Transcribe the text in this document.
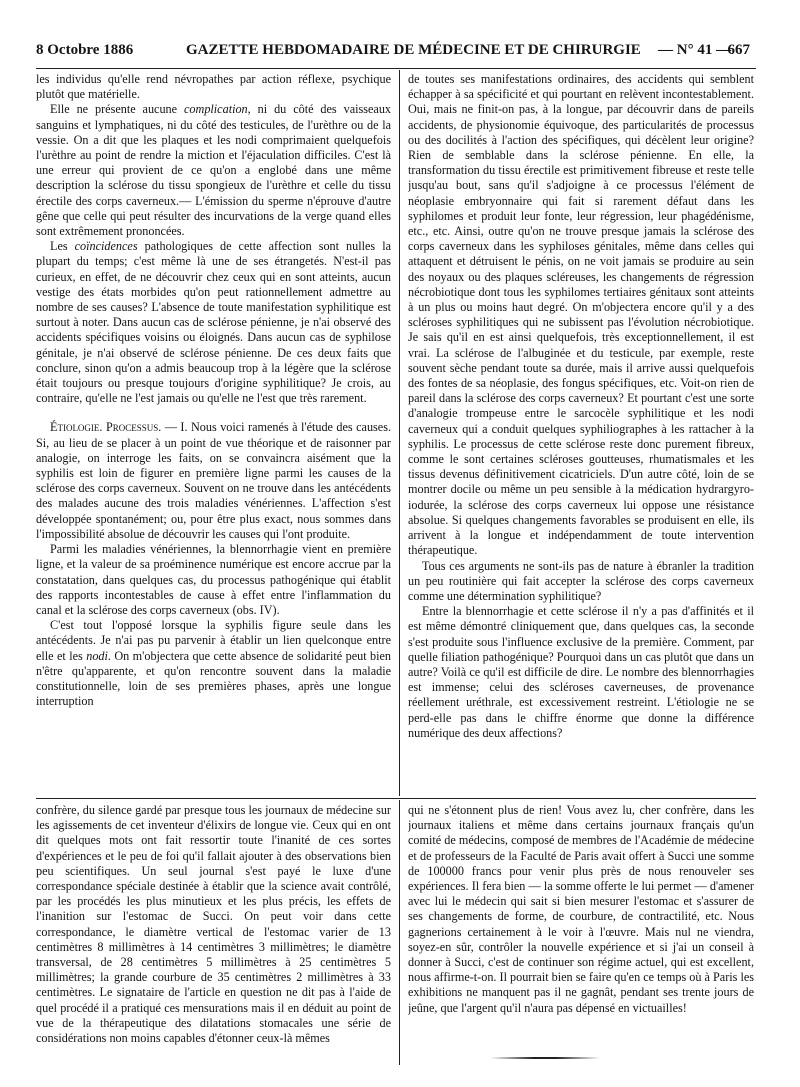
8 Octobre 1886	GAZETTE HEBDOMADAIRE DE MÉDECINE ET DE CHIRURGIE — N° 41 —
667

les individus qu'elle rend névropathes par action réflexe, psychique plutôt que matérielle.

Elle ne présente aucune complication, ni du côté des vaisseaux sanguins et lymphatiques, ni du côté des testicules, de l'urèthre ou de la vessie. On a dit que les plaques et les nodi comprimaient quelquefois l'urèthre au point de rendre la miction et l'éjaculation difficiles. C'est là une erreur qui provient de ce qu'on a englobé dans une même description la sclérose du tissu spongieux de l'urèthre et celle du tissu érectile des corps caverneux.— L'émission du sperme n'éprouve d'autre gêne que celle qui peut résulter des incurvations de la verge quand elles sont extrêmement prononcées.

Les coïncidences pathologiques de cette affection sont nulles la plupart du temps; c'est même là une de ses étrangetés. N'est-il pas curieux, en effet, de ne découvrir chez ceux qui en sont atteints, aucun vestige des états morbides qu'on peut rationnellement admettre au nombre de ses causes? L'absence de toute manifestation syphilitique est surtout à noter. Dans aucun cas de sclérose pénienne, je n'ai observé des accidents spécifiques voisins ou éloignés. Dans aucun cas de syphilose génitale, je n'ai observé de sclérose pénienne. De ces deux faits que conclure, sinon qu'on a admis beaucoup trop à la légère que la sclérose était toujours ou presque toujours d'origine syphilitique? Je crois, au contraire, qu'elle ne l'est jamais ou qu'elle ne l'est que très rarement.

Étiologie. Processus. — I. Nous voici ramenés à l'étude des causes. Si, au lieu de se placer à un point de vue théorique et de raisonner par analogie, on interroge les faits, on se convaincra aisément que la syphilis est loin de figurer en première ligne parmi les causes de la sclérose des corps caverneux. Souvent on ne trouve dans les antécédents des malades aucune des trois maladies vénériennes. L'affection s'est développée spontanément; ou, pour être plus exact, nous sommes dans l'impossibilité absolue de découvrir les causes qui l'ont produite.

Parmi les maladies vénériennes, la blennorrhagie vient en première ligne, et la valeur de sa proéminence numérique est encore accrue par la constatation, dans quelques cas, du processus pathogénique qui établit des rapports incontestables de cause à effet entre l'inflammation du canal et la sclérose des corps caverneux (obs. IV).

C'est tout l'opposé lorsque la syphilis figure seule dans les antécédents. Je n'ai pas pu parvenir à établir un lien quelconque entre elle et les nodi. On m'objectera que cette absence de solidarité peut bien n'être qu'apparente, et qu'on rencontre souvent dans la maladie constitutionnelle, loin de ses premières phases, après une longue interruption

de toutes ses manifestations ordinaires, des accidents qui semblent échapper à sa spécificité et qui pourtant en relèvent incontestablement. Oui, mais ne finit-on pas, à la longue, par découvrir dans de pareils accidents, de physionomie équivoque, des particularités de processus ou des docilités à l'action des spécifiques, qui décèlent leur origine? Rien de semblable dans la sclérose pénienne. En elle, la transformation du tissu érectile est primitivement fibreuse et reste telle jusqu'au bout, sans qu'il s'adjoigne à ce processus l'élément de néoplasie embryonnaire qui fait si rarement défaut dans les syphilomes et produit leur fonte, leur régression, leur phagédénisme, etc., etc. Ainsi, outre qu'on ne trouve presque jamais la sclérose des corps caverneux dans les syphiloses génitales, même dans celles qui attaquent et détruisent le pénis, on ne voit jamais se produire au sein des noyaux ou des plaques scléreuses, les changements de régression nécrobiotique dont tous les syphilomes tertiaires génitaux sont atteints à un plus ou moins haut degré. On m'objectera encore qu'il y a des scléroses syphilitiques qui ne subissent pas l'évolution nécrobiotique. Je sais qu'il en est ainsi quelquefois, très exceptionnellement, il est vrai. La sclérose de l'albuginée et du testicule, par exemple, reste souvent sèche pendant toute sa durée, mais il arrive aussi quelquefois des fontes de sa néoplasie, des fongus spécifiques, etc. Voit-on rien de pareil dans la sclérose des corps caverneux? Et pourtant c'est une sorte d'analogie trompeuse entre le sarcocèle syphilitique et les nodi caverneux qui a conduit quelques syphiliographes à les rattacher à la syphilis. Le processus de cette sclérose reste donc purement fibreux, comme le sont certaines scléroses goutteuses, rhumatismales et les tissus devenus définitivement cicatriciels. D'un autre côté, loin de se montrer docile ou même un peu sensible à la médication hydrargyro-iodurée, la sclérose des corps caverneux lui oppose une résistance absolue. Si quelques changements favorables se produisent en elle, ils arrivent à la longue et indépendamment de toute intervention thérapeutique.

Tous ces arguments ne sont-ils pas de nature à ébranler la tradition un peu routinière qui fait accepter la sclérose des corps caverneux comme une détermination syphilitique?

Entre la blennorrhagie et cette sclérose il n'y a pas d'affinités et il est même démontré cliniquement que, dans quelques cas, la seconde s'est produite sous l'influence exclusive de la première. Comment, par quelle filiation pathogénique? Pourquoi dans un cas plutôt que dans un autre? Voilà ce qu'il est difficile de dire. Le nombre des blennorrhagies est immense; celui des scléroses caverneuses, de provenance réellement uréthrale, est excessivement restreint. L'étiologie ne se perd-elle pas dans le chiffre énorme que donne la différence numérique des deux affections?

confrère, du silence gardé par presque tous les journaux de médecine sur les agissements de cet inventeur d'élixirs de longue vie. Ceux qui en ont dit quelques mots ont fait ressortir toute l'inanité de ces sortes d'expériences et le peu de foi qu'il fallait ajouter à des observations bien peu scientifiques. Un seul journal s'est payé le luxe d'une correspondance spéciale destinée à établir que la science avait contrôlé, par les procédés les plus minutieux et les plus précis, les effets de l'inanition sur l'estomac de Succi. On peut voir dans cette correspondance, le diamètre vertical de l'estomac varier de 13 centimètres 8 millimètres à 14 centimètres 3 millimètres; le diamètre transversal, de 28 centimètres 5 millimètres à 25 centimètres 5 millimètres; la grande courbure de 35 centimètres 2 millimètres à 33 centimètres. Le signataire de l'article en question ne dit pas à l'aide de quel procédé il a pratiqué ces mensurations mais il en déduit au point de vue de la thérapeutique des dilatations stomacales une série de considérations non moins capables d'étonner ceux-là mêmes

qui ne s'étonnent plus de rien! Vous avez lu, cher confrère, dans les journaux italiens et même dans certains journaux français qu'un comité de médecins, composé de membres de l'Académie de médecine et de professeurs de la Faculté de Paris avait offert à Succi une somme de 100000 francs pour venir plus près de nous renouveler ses expériences. Il fera bien — la somme offerte le lui permet — d'amener avec lui le médecin qui sait si bien mesurer l'estomac et s'assurer de ses changements de forme, de courbure, de contractilité, etc. Nous gagnerions certainement à le voir à l'œuvre. Mais nul ne viendra, soyez-en sûr, contrôler la nouvelle expérience et si j'ai un conseil à donner à Succi, c'est de continuer son régime actuel, qui est excellent, nous affirme-t-on. Il pourrait bien se faire qu'en ce temps où à Paris les exhibitions ne manquent pas il ne gagnât, pendant ses trente jours de jeûne, que l'argent qu'il n'aura pas dépensé en victuailles!
